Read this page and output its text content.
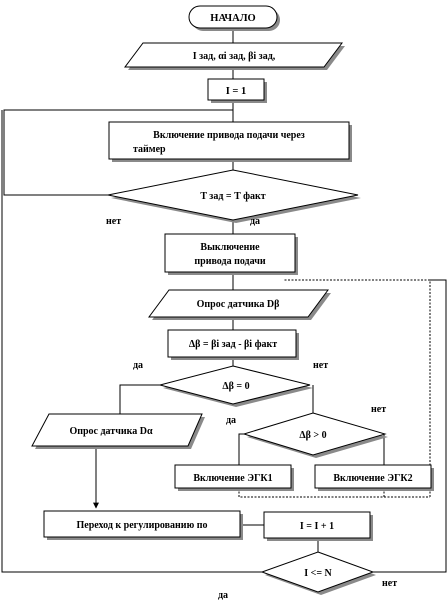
НАЧАЛО
I зад, αi зад, βi зад,
I = 1
Включение привода подачи через
таймер
T зад = T факт
нет	да
Выключение
привода подачи
Опрос датчика Dβ
Δβ = βi зад - βi факт
да	нет
Δβ = 0
Опрос датчика Dα
да
нет
Δβ > 0
Включение ЭГК1	Включение ЭГК2
Переход к регулированию по	I = I + 1
I <= N
да
нет
